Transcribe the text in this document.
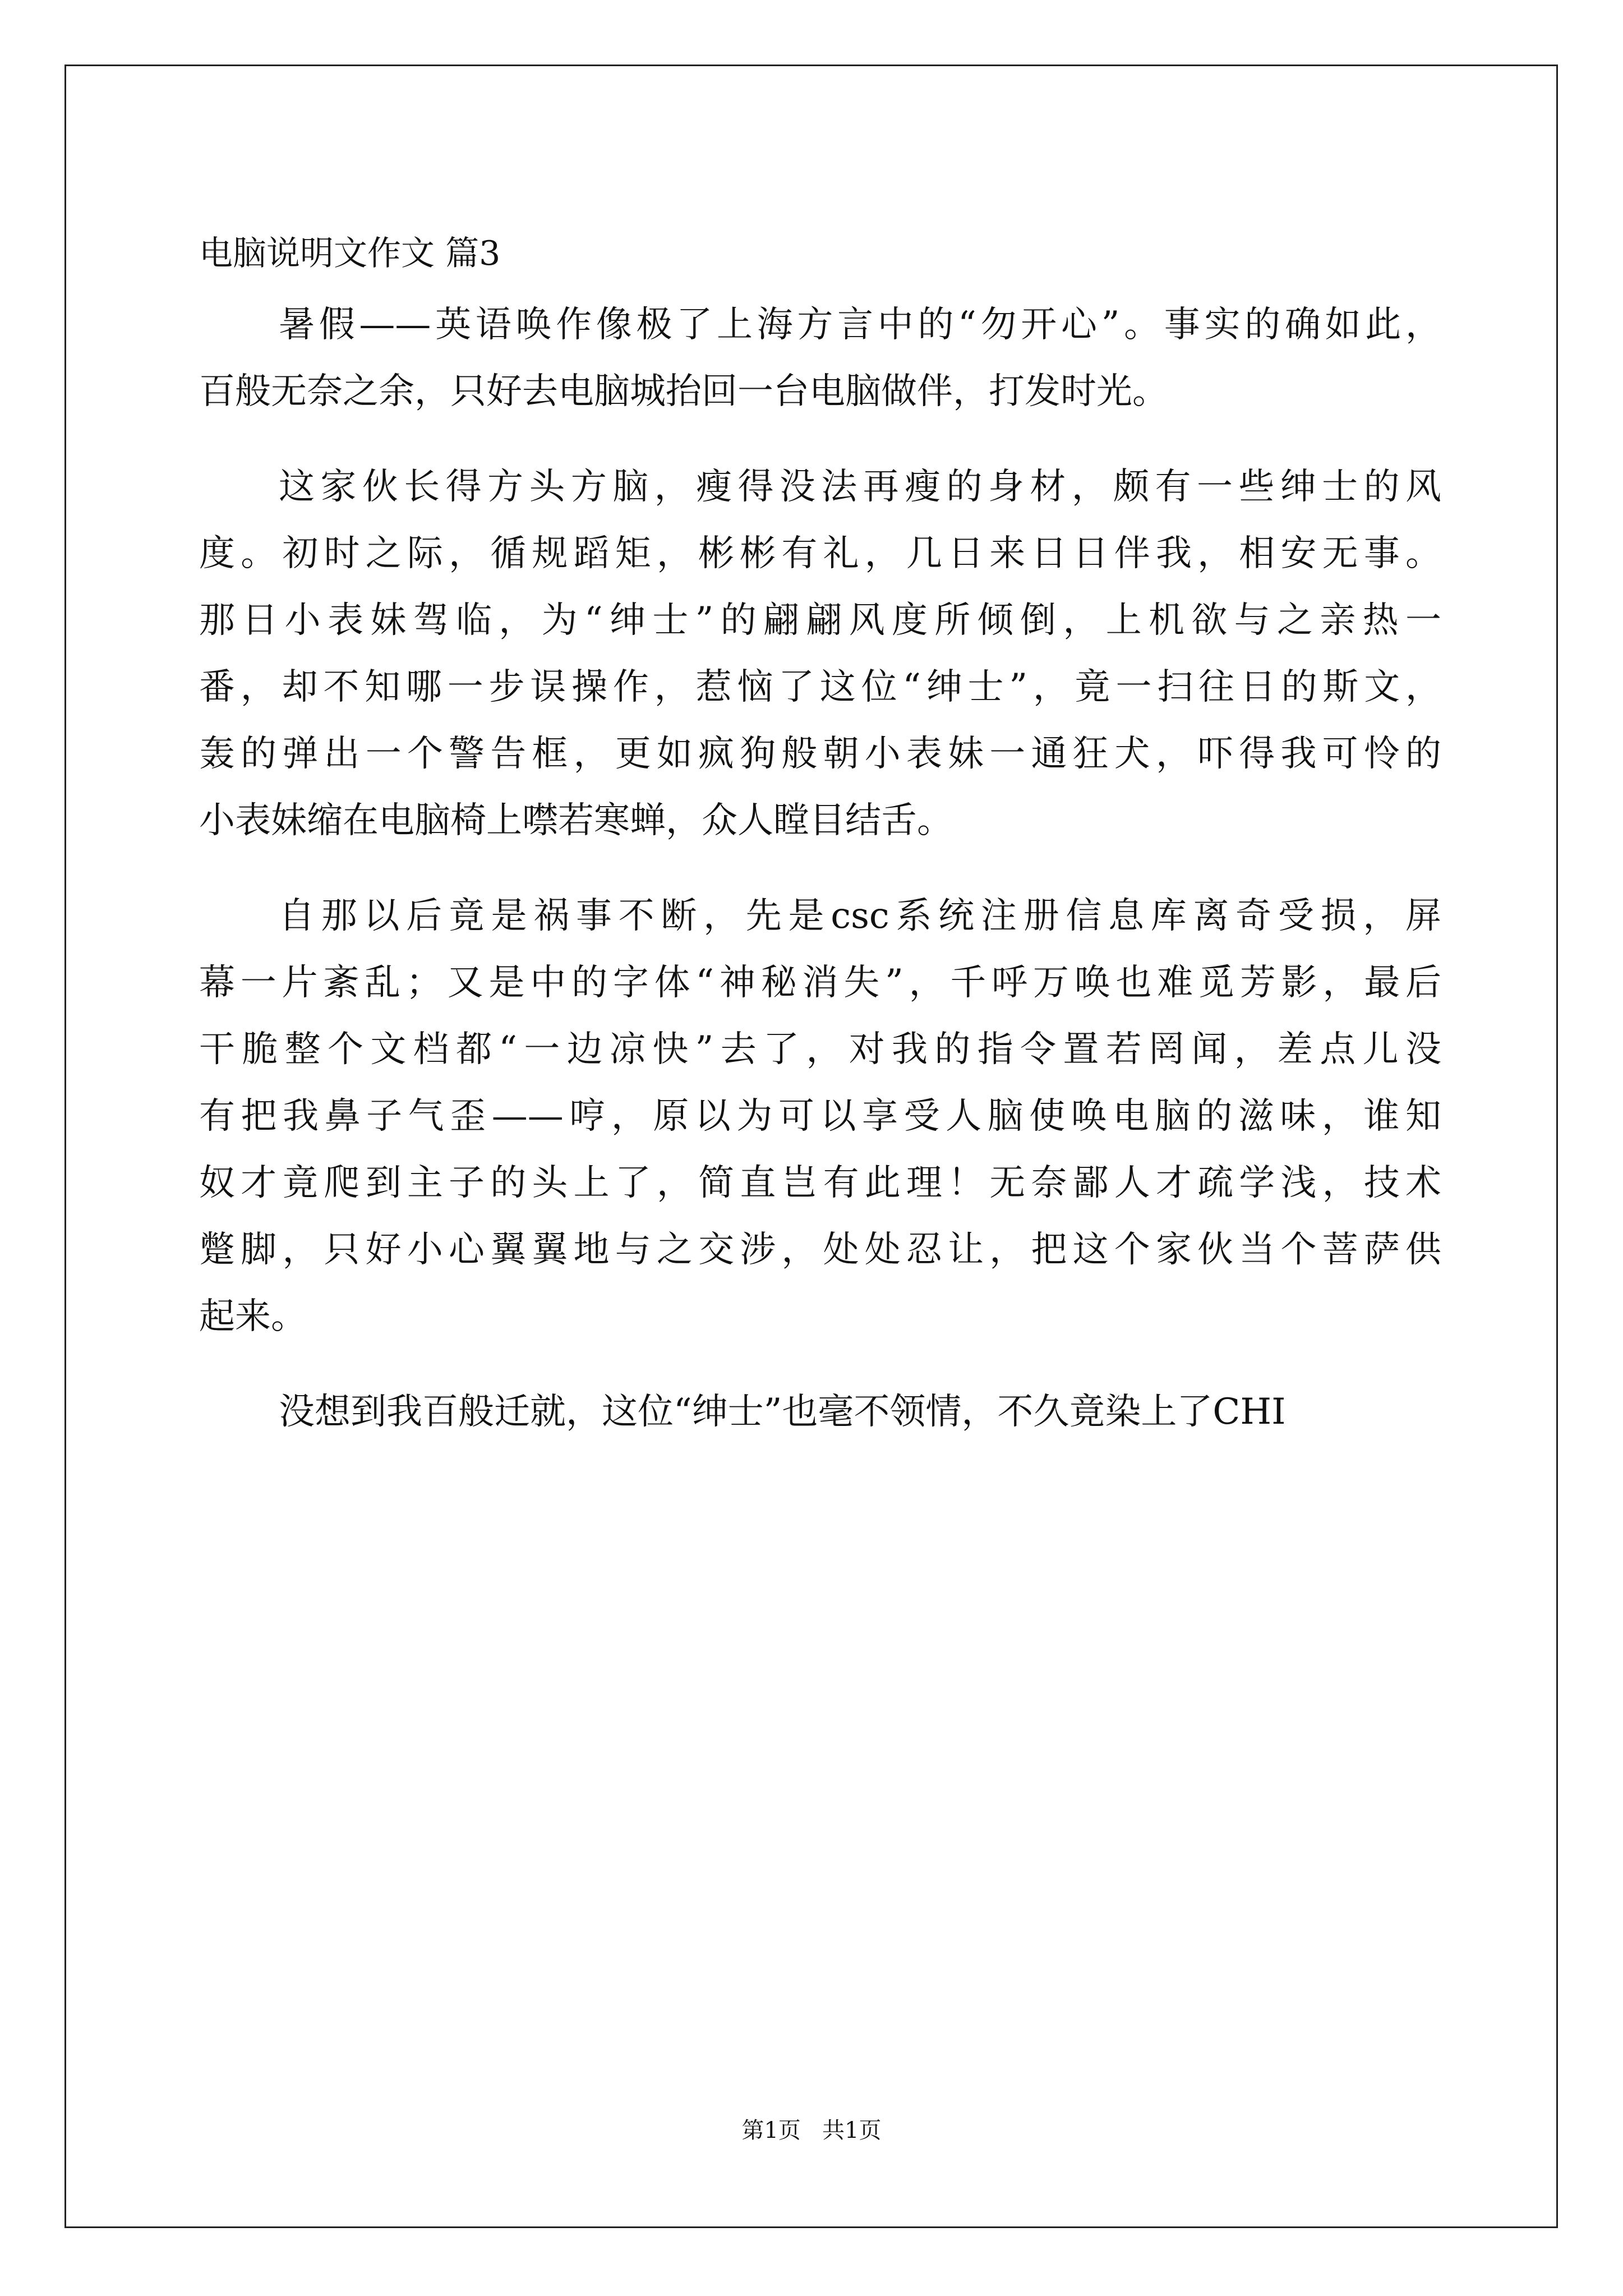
电脑说明文作文 篇3

暑假——英语唤作像极了上海方言中的“勿开心”。事实的确如此，

百般无奈之余，只好去电脑城抬回一台电脑做伴，打发时光。

这家伙长得方头方脑，瘦得没法再瘦的身材，颇有一些绅士的风

度。初时之际，循规蹈矩，彬彬有礼，几日来日日伴我，相安无事。

那日小表妹驾临，为“绅士”的翩翩风度所倾倒，上机欲与之亲热一

番，却不知哪一步误操作，惹恼了这位“绅士”，竟一扫往日的斯文，

轰的弹出一个警告框，更如疯狗般朝小表妹一通狂犬，吓得我可怜的

小表妹缩在电脑椅上噤若寒蝉，众人瞠目结舌。

自那以后竟是祸事不断，先是csc系统注册信息库离奇受损，屏

幕一片紊乱；又是中的字体“神秘消失”，千呼万唤也难觅芳影，最后

干脆整个文档都“一边凉快”去了，对我的指令置若罔闻，差点儿没

有把我鼻子气歪——哼，原以为可以享受人脑使唤电脑的滋味，谁知

奴才竟爬到主子的头上了，简直岂有此理！无奈鄙人才疏学浅，技术

蹩脚，只好小心翼翼地与之交涉，处处忍让，把这个家伙当个菩萨供

起来。

没想到我百般迁就，这位“绅士”也毫不领情，不久竟染上了CHI

第1页   共1页
